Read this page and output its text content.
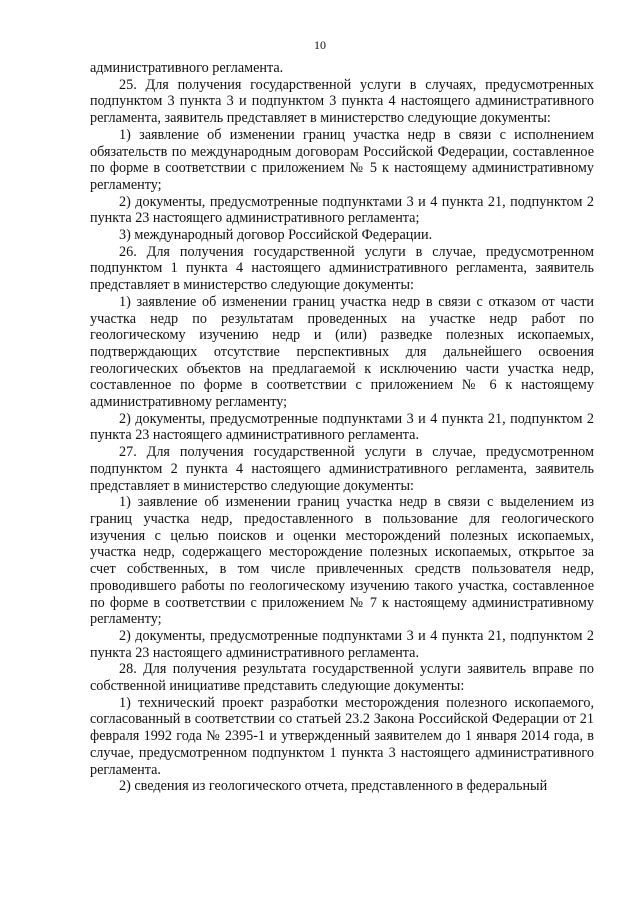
10

административного регламента.

25. Для получения государственной услуги в случаях, предусмотренных подпунктом 3 пункта 3 и подпунктом 3 пункта 4 настоящего административного регламента, заявитель представляет в министерство следующие документы:

1) заявление об изменении границ участка недр в связи с исполнением обязательств по международным договорам Российской Федерации, составленное по форме в соответствии с приложением № 5 к настоящему административному регламенту;

2) документы, предусмотренные подпунктами 3 и 4 пункта 21, подпунктом 2 пункта 23 настоящего административного регламента;

3) международный договор Российской Федерации.

26. Для получения государственной услуги в случае, предусмотренном подпунктом 1 пункта 4 настоящего административного регламента, заявитель представляет в министерство следующие документы:

1) заявление об изменении границ участка недр в связи с отказом от части участка недр по результатам проведенных на участке недр работ по геологическому изучению недр и (или) разведке полезных ископаемых, подтверждающих отсутствие перспективных для дальнейшего освоения геологических объектов на предлагаемой к исключению части участка недр, составленное по форме в соответствии с приложением № 6 к настоящему административному регламенту;

2) документы, предусмотренные подпунктами 3 и 4 пункта 21, подпунктом 2 пункта 23 настоящего административного регламента.

27. Для получения государственной услуги в случае, предусмотренном подпунктом 2 пункта 4 настоящего административного регламента, заявитель представляет в министерство следующие документы:

1) заявление об изменении границ участка недр в связи с выделением из границ участка недр, предоставленного в пользование для геологического изучения с целью поисков и оценки месторождений полезных ископаемых, участка недр, содержащего месторождение полезных ископаемых, открытое за счет собственных, в том числе привлеченных средств пользователя недр, проводившего работы по геологическому изучению такого участка, составленное по форме в соответствии с приложением № 7 к настоящему административному регламенту;

2) документы, предусмотренные подпунктами 3 и 4 пункта 21, подпунктом 2 пункта 23 настоящего административного регламента.

28. Для получения результата государственной услуги заявитель вправе по собственной инициативе представить следующие документы:

1) технический проект разработки месторождения полезного ископаемого, согласованный в соответствии со статьей 23.2 Закона Российской Федерации от 21 февраля 1992 года № 2395-1 и утвержденный заявителем до 1 января 2014 года, в случае, предусмотренном подпунктом 1 пункта 3 настоящего административного регламента.

2) сведения из геологического отчета, представленного в федеральный
